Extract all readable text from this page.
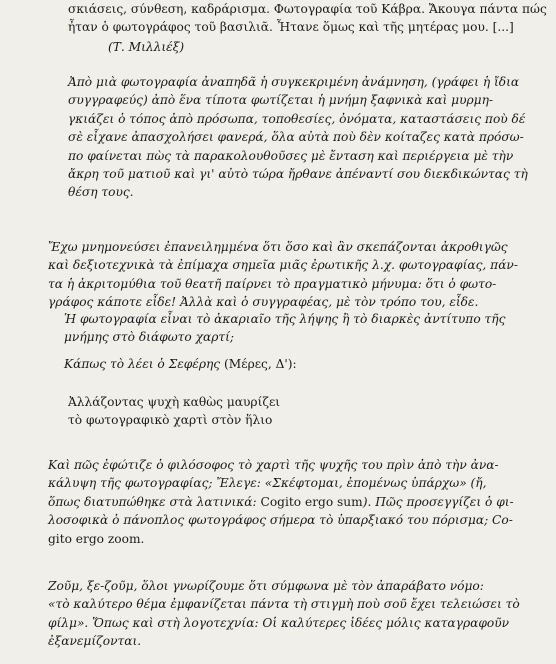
σκιάσεις, σύνθεση, καδράρισμα. Φωτογραφία τοῦ Κάβρα. Ἄκουγα πάντα πώς
ἦταν ὁ φωτογράφος τοῦ βασιλιᾶ. Ἦτανε ὅμως καὶ τῆς μητέρας μου. [...]
(Τ. Μιλλιέξ)
Ἀπὸ μιὰ φωτογραφία ἀναπηδᾶ ἡ συγκεκριμένη ἀνάμνηση, (γράφει ἡ ἴδια
συγγραφεύς) ἀπὸ ἕνα τίποτα φωτίζεται ἡ μνήμη ξαφνικὰ καὶ μυρμη-
γκιάζει ὁ τόπος ἀπὸ πρόσωπα, τοποθεσίες, ὀνόματα, καταστάσεις ποὺ δέ
σὲ εἶχανε ἀπασχολήσει φανερά, ὅλα αὐτὰ ποὺ δὲν κοίταζες κατὰ πρόσω-
πο φαίνεται πὼς τὰ παρακολουθοῦσες μὲ ἔνταση καὶ περιέργεια μὲ τὴν
ἄκρη τοῦ ματιοῦ καὶ γι' αὐτὸ τώρα ἤρθανε ἀπέναντί σου διεκδικώντας τὴ
θέση τους.
Ἔχω μνημονεύσει ἐπανειλημμένα ὅτι ὅσο καὶ ἂν σκεπάζονται ἀκροθιγῶς
καὶ δεξιοτεχνικὰ τὰ ἐπίμαχα σημεῖα μιᾶς ἐρωτικῆς λ.χ. φωτογραφίας, πάν-
τα ἡ ἀκριτομύθια τοῦ θεατῆ παίρνει τὸ πραγματικὸ μήνυμα: ὅτι ὁ φωτο-
γράφος κάποτε εἶδε! Ἀλλὰ καὶ ὁ συγγραφέας, μὲ τὸν τρόπο του, εἶδε.
Ἡ φωτογραφία εἶναι τὸ ἀκαριαῖο τῆς λήψης ἢ τὸ διαρκὲς ἀντίτυπο τῆς
μνήμης στὸ διάφωτο χαρτί;
Κάπως τὸ λέει ὁ Σεφέρης (Μέρες, Δ'):
Ἀλλάζοντας ψυχὴ καθὼς μαυρίζει
τὸ φωτογραφικὸ χαρτὶ στὸν ἥλιο
Καὶ πῶς ἐφώτιζε ὁ φιλόσοφος τὸ χαρτὶ τῆς ψυχῆς του πρὶν ἀπὸ τὴν ἀνα-
κάλυψη τῆς φωτογραφίας; Ἔλεγε: «Σκέφτομαι, ἑπομένως ὑπάρχω» (ἤ,
ὅπως διατυπώθηκε στὰ λατινικά: Cogito ergo sum). Πῶς προσεγγίζει ὁ φι-
λοσοφικὰ ὁ πάνοπλος φωτογράφος σήμερα τὸ ὑπαρξιακό του πόρισμα; Co-
gito ergo zoom.
Ζοῦμ, ξε-ζοῦμ, ὅλοι γνωρίζουμε ὅτι σύμφωνα μὲ τὸν ἀπαράβατο νόμο:
«τὸ καλύτερο θέμα ἐμφανίζεται πάντα τὴ στιγμὴ ποὺ σοῦ ἔχει τελειώσει τὸ
φίλμ». Ὅπως καὶ στὴ λογοτεχνία: Οἱ καλύτερες ἰδέες μόλις καταγραφοῦν
ἐξανεμίζονται.
